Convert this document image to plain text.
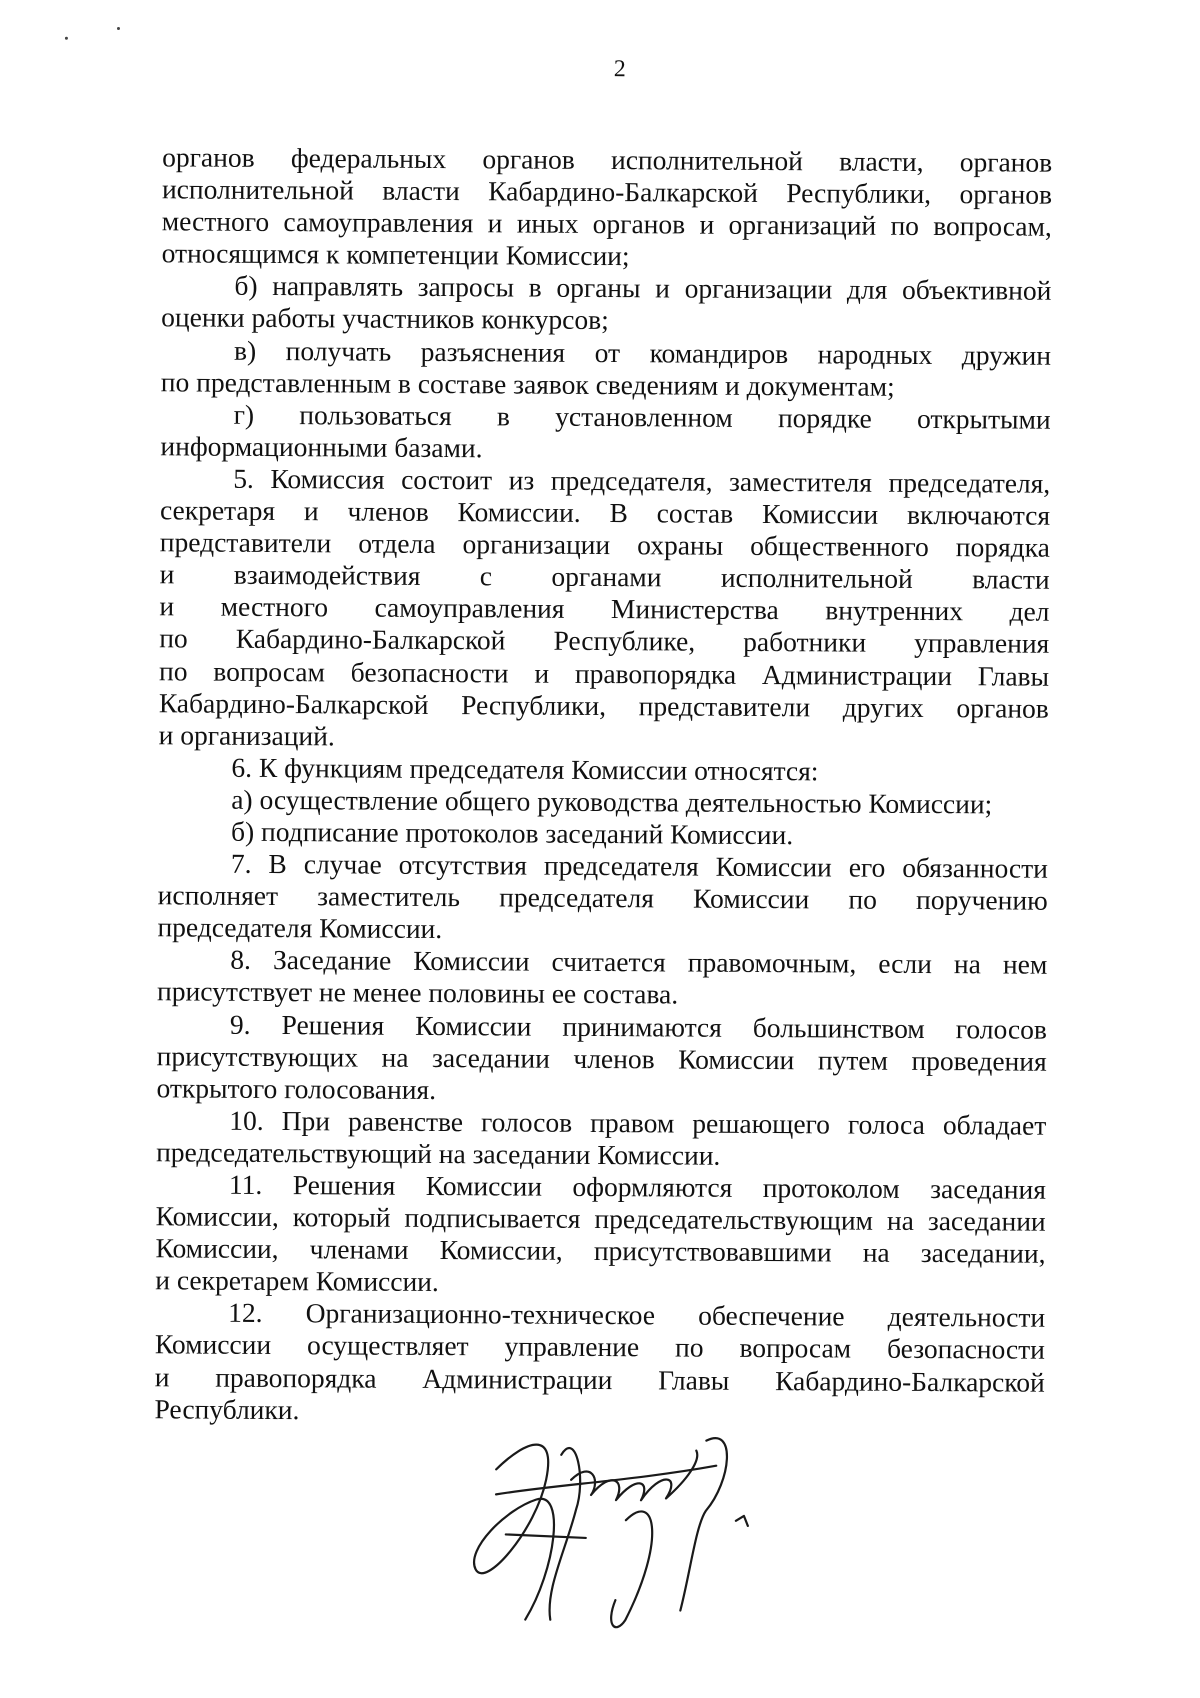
2
органов федеральных органов исполнительной власти, органов
исполнительной власти Кабардино-Балкарской Республики, органов
местного самоуправления и иных органов и организаций по вопросам,
относящимся к компетенции Комиссии;
б) направлять запросы в органы и организации для объективной
оценки работы участников конкурсов;
в) получать разъяснения от командиров народных дружин
по представленным в составе заявок сведениям и документам;
г) пользоваться в установленном порядке открытыми
информационными базами.
5. Комиссия состоит из председателя, заместителя председателя,
секретаря и членов Комиссии. В состав Комиссии включаются
представители отдела организации охраны общественного порядка
и взаимодействия с органами исполнительной власти
и местного самоуправления Министерства внутренних дел
по Кабардино-Балкарской Республике, работники управления
по вопросам безопасности и правопорядка Администрации Главы
Кабардино-Балкарской Республики, представители других органов
и организаций.
6. К функциям председателя Комиссии относятся:
а) осуществление общего руководства деятельностью Комиссии;
б) подписание протоколов заседаний Комиссии.
7. В случае отсутствия председателя Комиссии его обязанности
исполняет заместитель председателя Комиссии по поручению
председателя Комиссии.
8. Заседание Комиссии считается правомочным, если на нем
присутствует не менее половины ее состава.
9. Решения Комиссии принимаются большинством голосов
присутствующих на заседании членов Комиссии путем проведения
открытого голосования.
10. При равенстве голосов правом решающего голоса обладает
председательствующий на заседании Комиссии.
11. Решения Комиссии оформляются протоколом заседания
Комиссии, который подписывается председательствующим на заседании
Комиссии, членами Комиссии, присутствовавшими на заседании,
и секретарем Комиссии.
12. Организационно-техническое обеспечение деятельности
Комиссии осуществляет управление по вопросам безопасности
и правопорядка Администрации Главы Кабардино-Балкарской
Республики.
